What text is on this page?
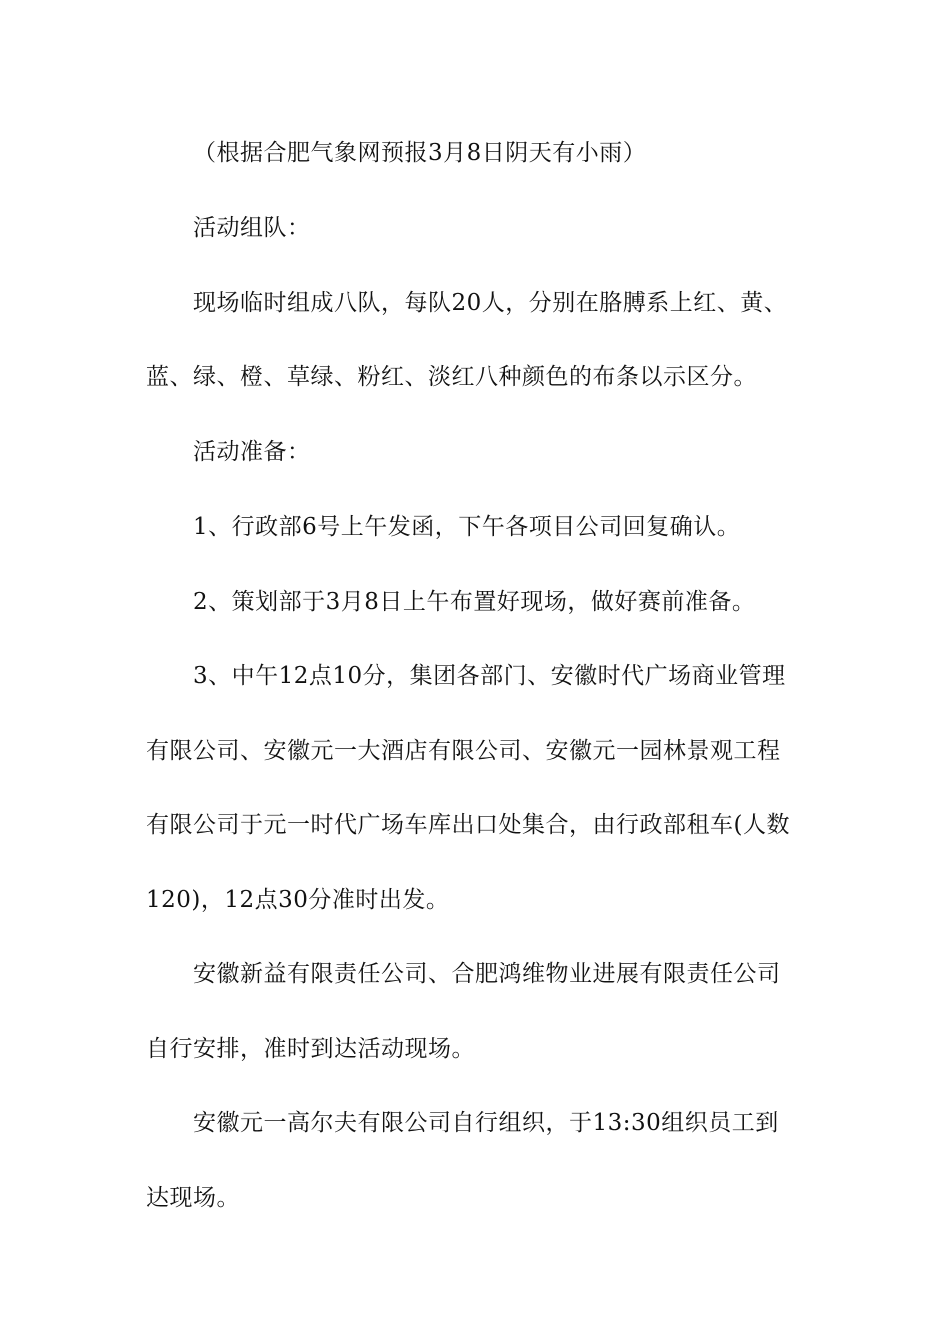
（根据合肥气象网预报3月8日阴天有小雨）
活动组队：
现场临时组成八队，每队20人，分别在胳膊系上红、黄、
蓝、绿、橙、草绿、粉红、淡红八种颜色的布条以示区分。
活动准备：
1、行政部6号上午发函，下午各项目公司回复确认。
2、策划部于3月8日上午布置好现场，做好赛前准备。
3、中午12点10分，集团各部门、安徽时代广场商业管理
有限公司、安徽元一大酒店有限公司、安徽元一园林景观工程
有限公司于元一时代广场车库出口处集合，由行政部租车(人数
120)，12点30分准时出发。
安徽新益有限责任公司、合肥鸿维物业进展有限责任公司
自行安排，准时到达活动现场。
安徽元一高尔夫有限公司自行组织，于13:30组织员工到
达现场。
